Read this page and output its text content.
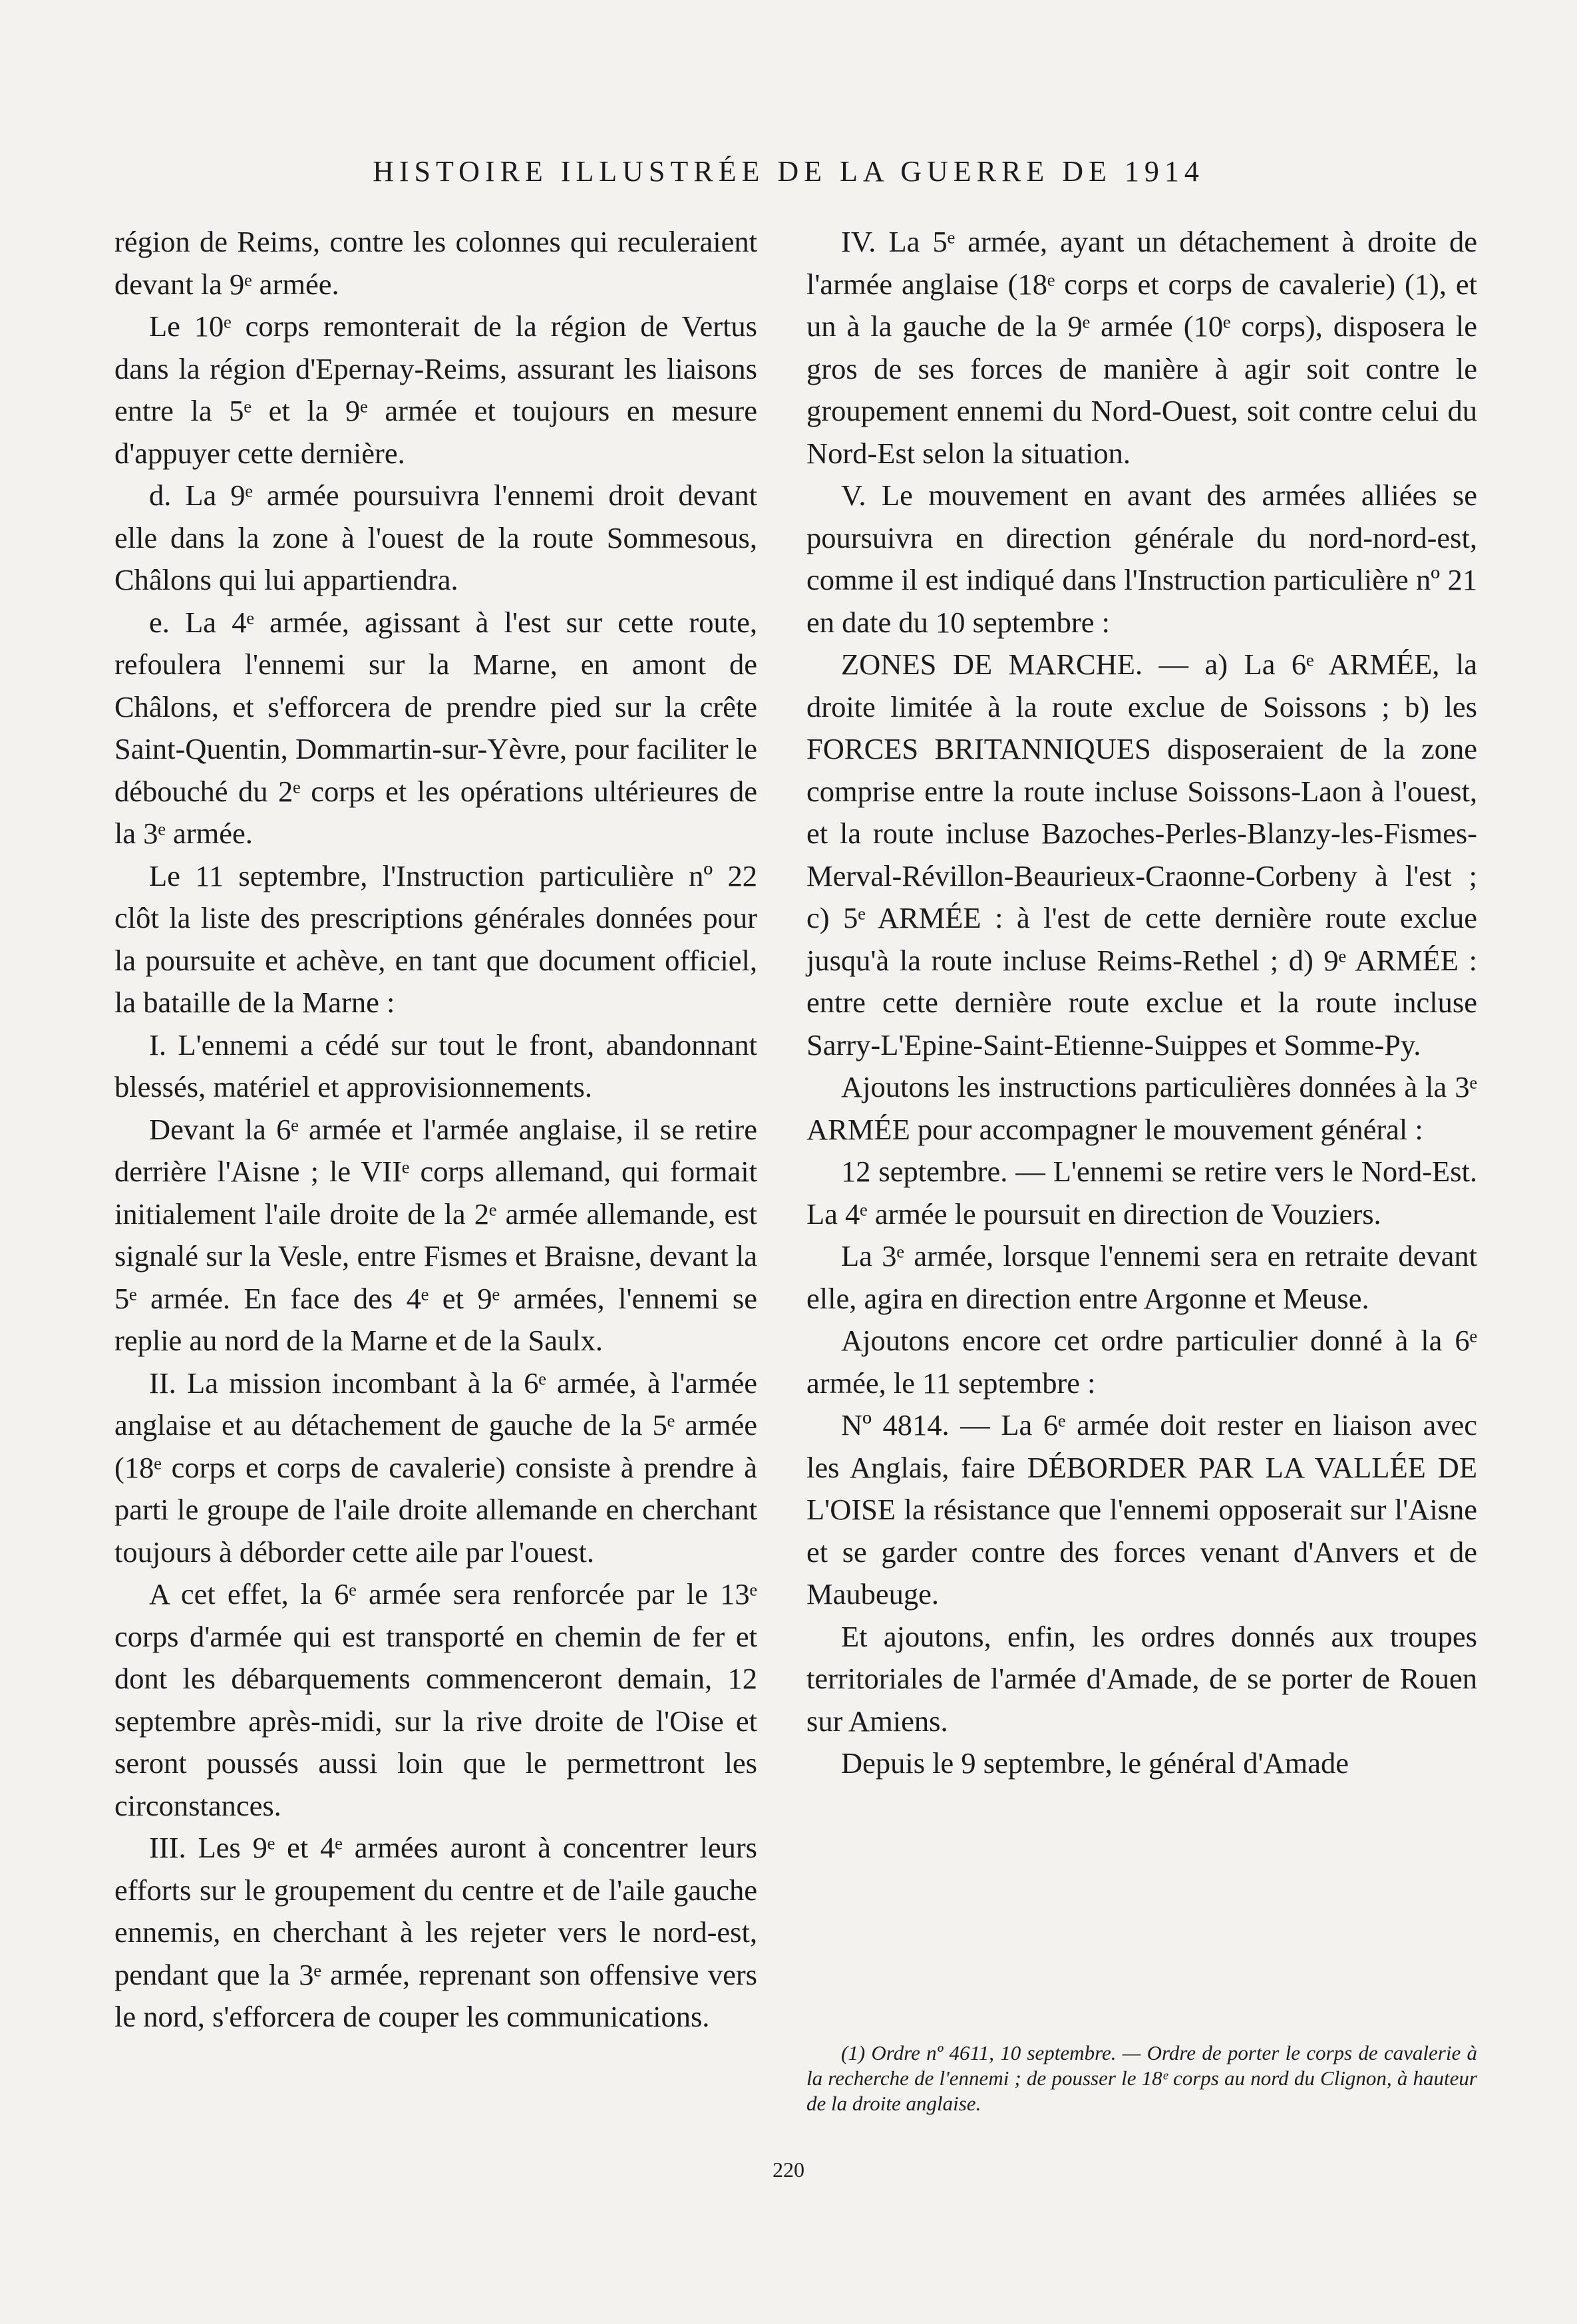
HISTOIRE ILLUSTRÉE DE LA GUERRE DE 1914

région de Reims, contre les colonnes qui reculeraient devant la 9ᵉ armée.

Le 10ᵉ corps remonterait de la région de Vertus dans la région d'Epernay-Reims, assurant les liaisons entre la 5ᵉ et la 9ᵉ armée et toujours en mesure d'appuyer cette dernière.

d. La 9ᵉ armée poursuivra l'ennemi droit devant elle dans la zone à l'ouest de la route Sommesous, Châlons qui lui appartiendra.

e. La 4ᵉ armée, agissant à l'est sur cette route, refoulera l'ennemi sur la Marne, en amont de Châlons, et s'efforcera de prendre pied sur la crête Saint-Quentin, Dommartin-sur-Yèvre, pour faciliter le débouché du 2ᵉ corps et les opérations ultérieures de la 3ᵉ armée.

Le 11 septembre, l'Instruction particulière nº 22 clôt la liste des prescriptions générales données pour la poursuite et achève, en tant que document officiel, la bataille de la Marne :

I. L'ennemi a cédé sur tout le front, abandonnant blessés, matériel et approvisionnements.

Devant la 6ᵉ armée et l'armée anglaise, il se retire derrière l'Aisne ; le VIIᵉ corps allemand, qui formait initialement l'aile droite de la 2ᵉ armée allemande, est signalé sur la Vesle, entre Fismes et Braisne, devant la 5ᵉ armée. En face des 4ᵉ et 9ᵉ armées, l'ennemi se replie au nord de la Marne et de la Saulx.

II. La mission incombant à la 6ᵉ armée, à l'armée anglaise et au détachement de gauche de la 5ᵉ armée (18ᵉ corps et corps de cavalerie) consiste à prendre à parti le groupe de l'aile droite allemande en cherchant toujours à déborder cette aile par l'ouest.

A cet effet, la 6ᵉ armée sera renforcée par le 13ᵉ corps d'armée qui est transporté en chemin de fer et dont les débarquements commenceront demain, 12 septembre après-midi, sur la rive droite de l'Oise et seront poussés aussi loin que le permettront les circonstances.

III. Les 9ᵉ et 4ᵉ armées auront à concentrer leurs efforts sur le groupement du centre et de l'aile gauche ennemis, en cherchant à les rejeter vers le nord-est, pendant que la 3ᵉ armée, reprenant son offensive vers le nord, s'efforcera de couper les communications.

IV. La 5ᵉ armée, ayant un détachement à droite de l'armée anglaise (18ᵉ corps et corps de cavalerie) (1), et un à la gauche de la 9ᵉ armée (10ᵉ corps), disposera le gros de ses forces de manière à agir soit contre le groupement ennemi du Nord-Ouest, soit contre celui du Nord-Est selon la situation.

V. Le mouvement en avant des armées alliées se poursuivra en direction générale du nord-nord-est, comme il est indiqué dans l'Instruction particulière nº 21 en date du 10 septembre :

ZONES DE MARCHE. — a) La 6ᵉ ARMÉE, la droite limitée à la route exclue de Soissons ; b) les FORCES BRITANNIQUES disposeraient de la zone comprise entre la route incluse Soissons-Laon à l'ouest, et la route incluse Bazoches-Perles-Blanzy-les-Fismes-Merval-Révillon-Beaurieux-Craonne-Corbeny à l'est ; c) 5ᵉ ARMÉE : à l'est de cette dernière route exclue jusqu'à la route incluse Reims-Rethel ; d) 9ᵉ ARMÉE : entre cette dernière route exclue et la route incluse Sarry-L'Epine-Saint-Etienne-Suippes et Somme-Py.

Ajoutons les instructions particulières données à la 3ᵉ ARMÉE pour accompagner le mouvement général :

12 septembre. — L'ennemi se retire vers le Nord-Est. La 4ᵉ armée le poursuit en direction de Vouziers.

La 3ᵉ armée, lorsque l'ennemi sera en retraite devant elle, agira en direction entre Argonne et Meuse.

Ajoutons encore cet ordre particulier donné à la 6ᵉ armée, le 11 septembre :

Nº 4814. — La 6ᵉ armée doit rester en liaison avec les Anglais, faire DÉBORDER PAR LA VALLÉE DE L'OISE la résistance que l'ennemi opposerait sur l'Aisne et se garder contre des forces venant d'Anvers et de Maubeuge.

Et ajoutons, enfin, les ordres donnés aux troupes territoriales de l'armée d'Amade, de se porter de Rouen sur Amiens.

Depuis le 9 septembre, le général d'Amade

(1) Ordre nº 4611, 10 septembre. — Ordre de porter le corps de cavalerie à la recherche de l'ennemi ; de pousser le 18ᵉ corps au nord du Clignon, à hauteur de la droite anglaise.

220
